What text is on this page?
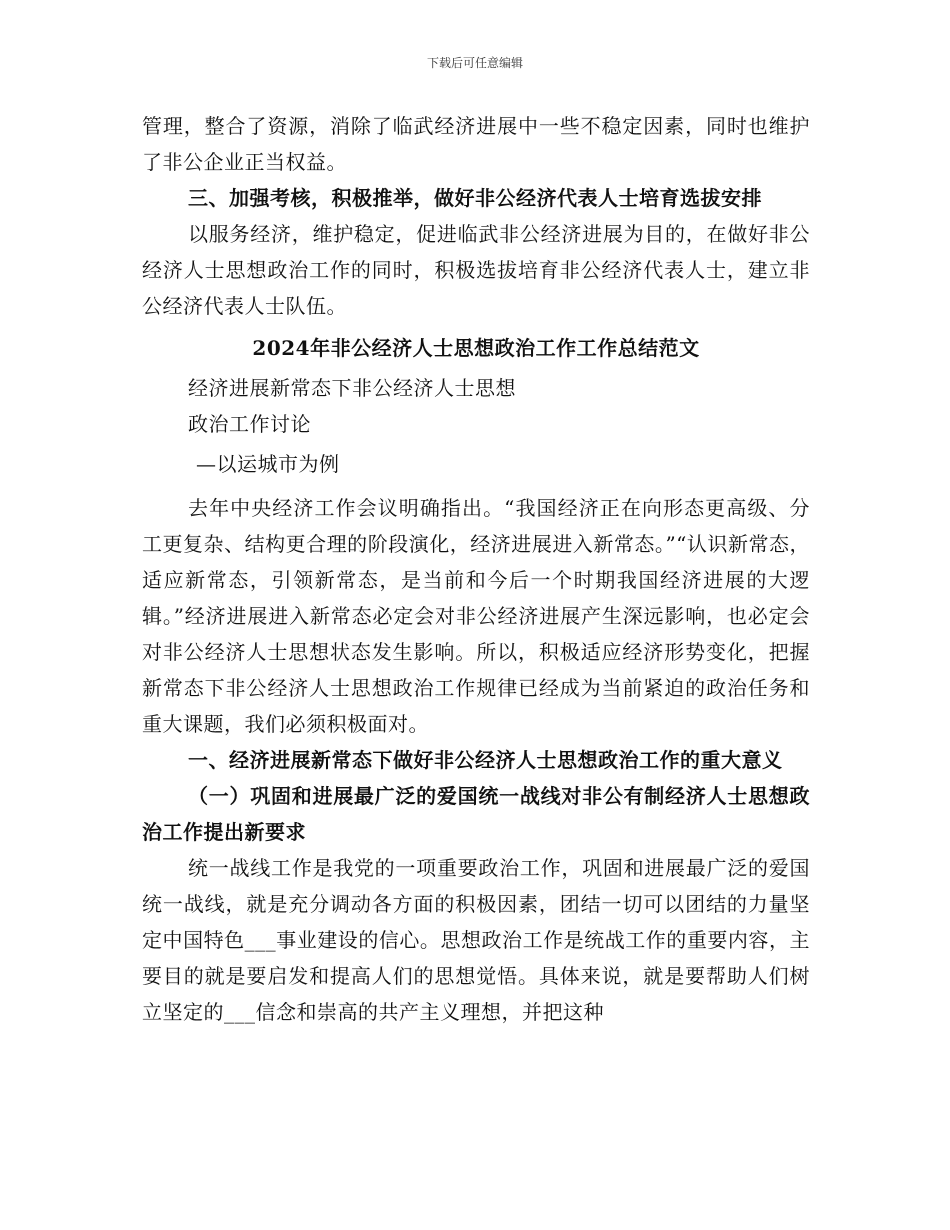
下载后可任意编辑

管理，整合了资源，消除了临武经济进展中一些不稳定因素，同时也维护了非公企业正当权益。

三、加强考核，积极推举，做好非公经济代表人士培育选拔安排

以服务经济，维护稳定，促进临武非公经济进展为目的，在做好非公经济人士思想政治工作的同时，积极选拔培育非公经济代表人士，建立非公经济代表人士队伍。

2024年非公经济人士思想政治工作工作总结范文

经济进展新常态下非公经济人士思想

政治工作讨论

—以运城市为例

去年中央经济工作会议明确指出。“我国经济正在向形态更高级、分工更复杂、结构更合理的阶段演化，经济进展进入新常态。”“认识新常态，适应新常态，引领新常态，是当前和今后一个时期我国经济进展的大逻辑。”经济进展进入新常态必定会对非公经济进展产生深远影响，也必定会对非公经济人士思想状态发生影响。所以，积极适应经济形势变化，把握新常态下非公经济人士思想政治工作规律已经成为当前紧迫的政治任务和重大课题，我们必须积极面对。

一、经济进展新常态下做好非公经济人士思想政治工作的重大意义

（一）巩固和进展最广泛的爱国统一战线对非公有制经济人士思想政治工作提出新要求

统一战线工作是我党的一项重要政治工作，巩固和进展最广泛的爱国统一战线，就是充分调动各方面的积极因素，团结一切可以团结的力量坚定中国特色___事业建设的信心。思想政治工作是统战工作的重要内容，主要目的就是要启发和提高人们的思想觉悟。具体来说，就是要帮助人们树立坚定的___信念和崇高的共产主义理想，并把这种
